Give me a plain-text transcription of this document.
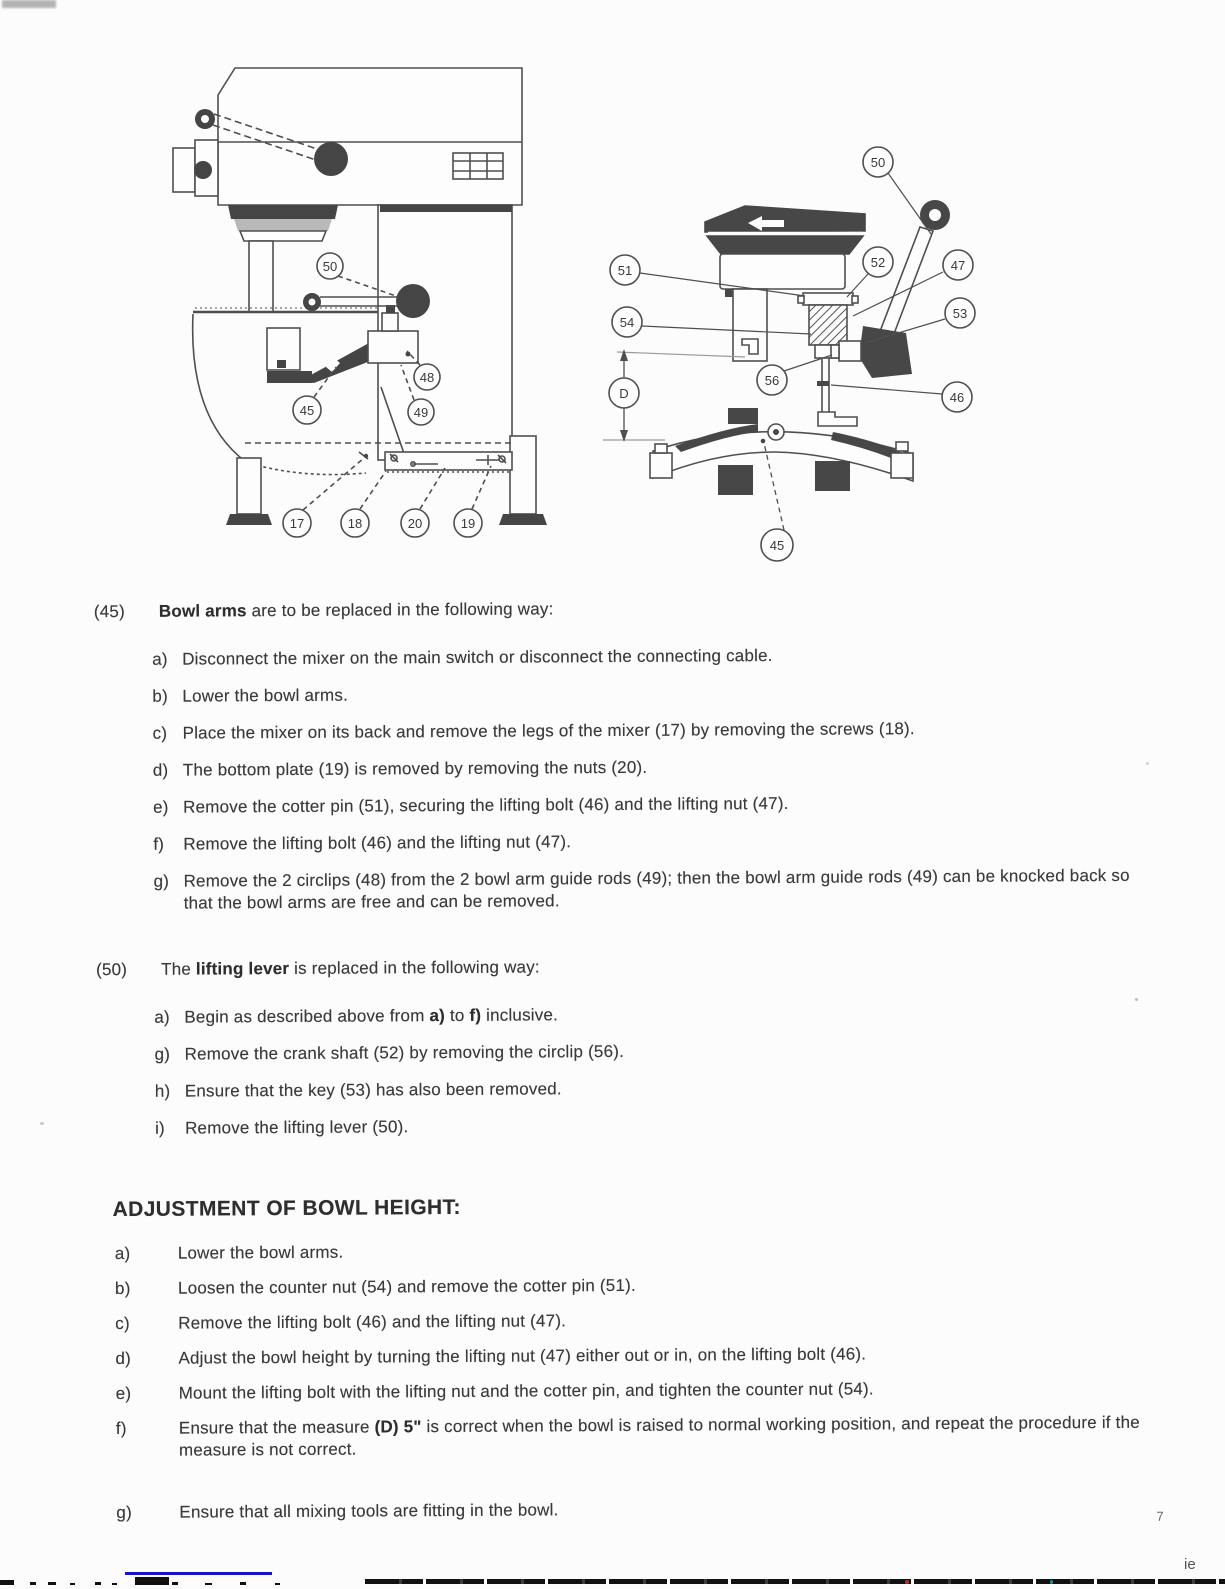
50
48
45	49
17	18	20	19
50
51
52	47
54
53
56
46
D
45
(45)	Bowl arms are to be replaced in the following way:
a) Disconnect the mixer on the main switch or disconnect the connecting cable.
b) Lower the bowl arms.
c) Place the mixer on its back and remove the legs of the mixer (17) by removing the screws (18).
d) The bottom plate (19) is removed by removing the nuts (20).
e) Remove the cotter pin (51), securing the lifting bolt (46) and the lifting nut (47).
f)	Remove the lifting bolt (46) and the lifting nut (47).
g) Remove the 2 circlips (48) from the 2 bowl arm guide rods (49); then the bowl arm guide rods (49) can be knocked back so that the bowl arms are free and can be removed.
(50)	The lifting lever is replaced in the following way:
a) Begin as described above from a) to f) inclusive.
g) Remove the crank shaft (52) by removing the circlip (56).
h) Ensure that the key (53) has also been removed.
i)	Remove the lifting lever (50).
ADJUSTMENT OF BOWL HEIGHT:
a)	Lower the bowl arms.
b)	Loosen the counter nut (54) and remove the cotter pin (51).
c)	Remove the lifting bolt (46) and the lifting nut (47).
d)	Adjust the bowl height by turning the lifting nut (47) either out or in, on the lifting bolt (46).
e)	Mount the lifting bolt with the lifting nut and the cotter pin, and tighten the counter nut (54).
f)	Ensure that the measure (D) 5" is correct when the bowl is raised to normal working position, and repeat the procedure if the measure is not correct.
g)	Ensure that all mixing tools are fitting in the bowl.	7
ie
